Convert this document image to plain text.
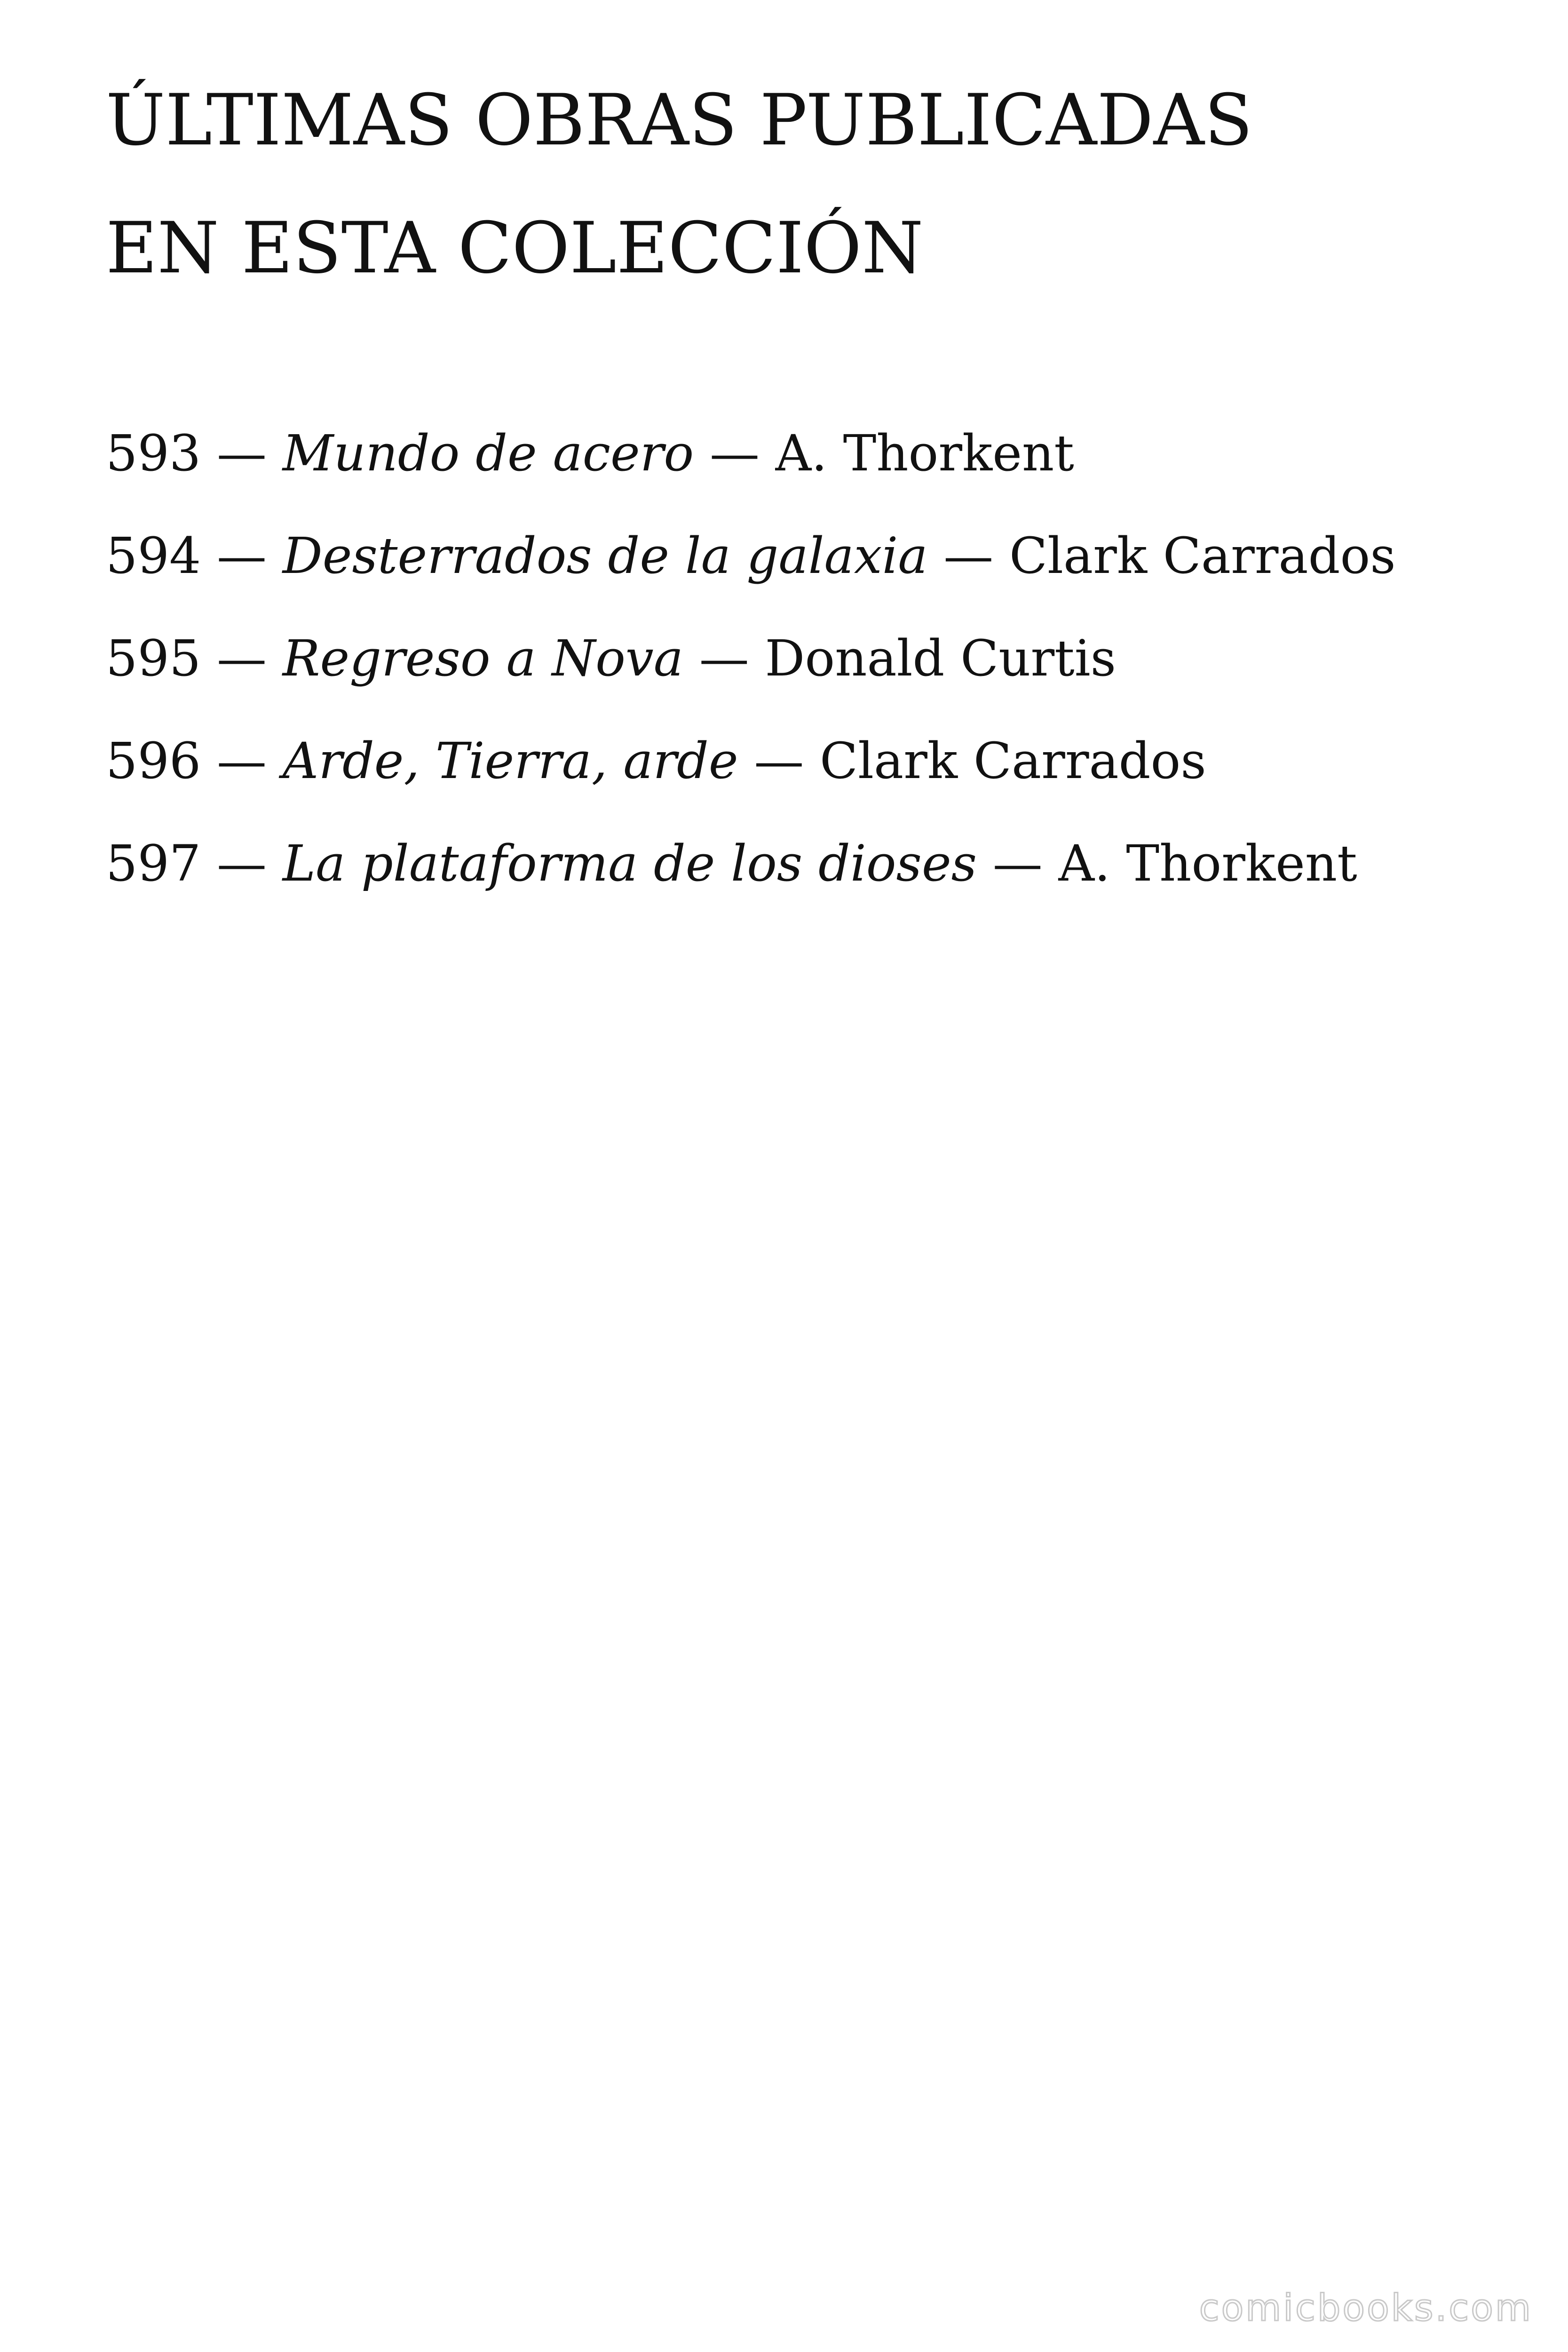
ÚLTIMAS OBRAS PUBLICADAS
EN ESTA COLECCIÓN
593 — Mundo de acero — A. Thorkent
594 — Desterrados de la galaxia — Clark Carrados
595 — Regreso a Nova — Donald Curtis
596 — Arde, Tierra, arde — Clark Carrados
597 — La plataforma de los dioses — A. Thorkent
comicbooks.com
